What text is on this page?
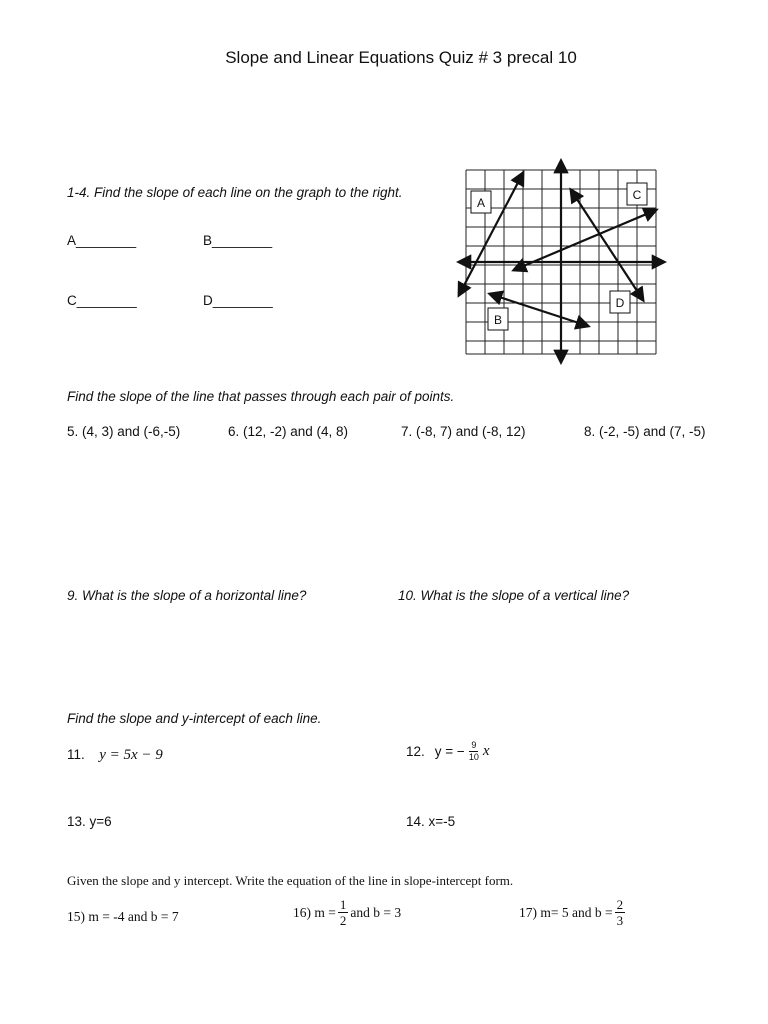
Slope and Linear Equations Quiz # 3 precal 10
1-4. Find the slope of each line on the graph to the right.
A________	B________
C________	D________
A
B
C
D
Find the slope of the line that passes through each pair of points.
5. (4, 3) and (-6,-5)	6. (12, -2) and (4, 8)	7. (-8, 7) and (-8, 12)	8. (-2, -5) and (7, -5)
9. What is the slope of a horizontal line?	10. What is the slope of a vertical line?
Find the slope and y-intercept of each line.
11. y = 5x − 9	12. y = − $\frac{9}{10}$ x
13. y=6	14. x=-5
Given the slope and y intercept. Write the equation of the line in slope-intercept form.
15) m = -4 and b = 7	16) $m = \frac{1}{2}$ and b = 3	17) m= 5 and $b = \frac{2}{3}$
